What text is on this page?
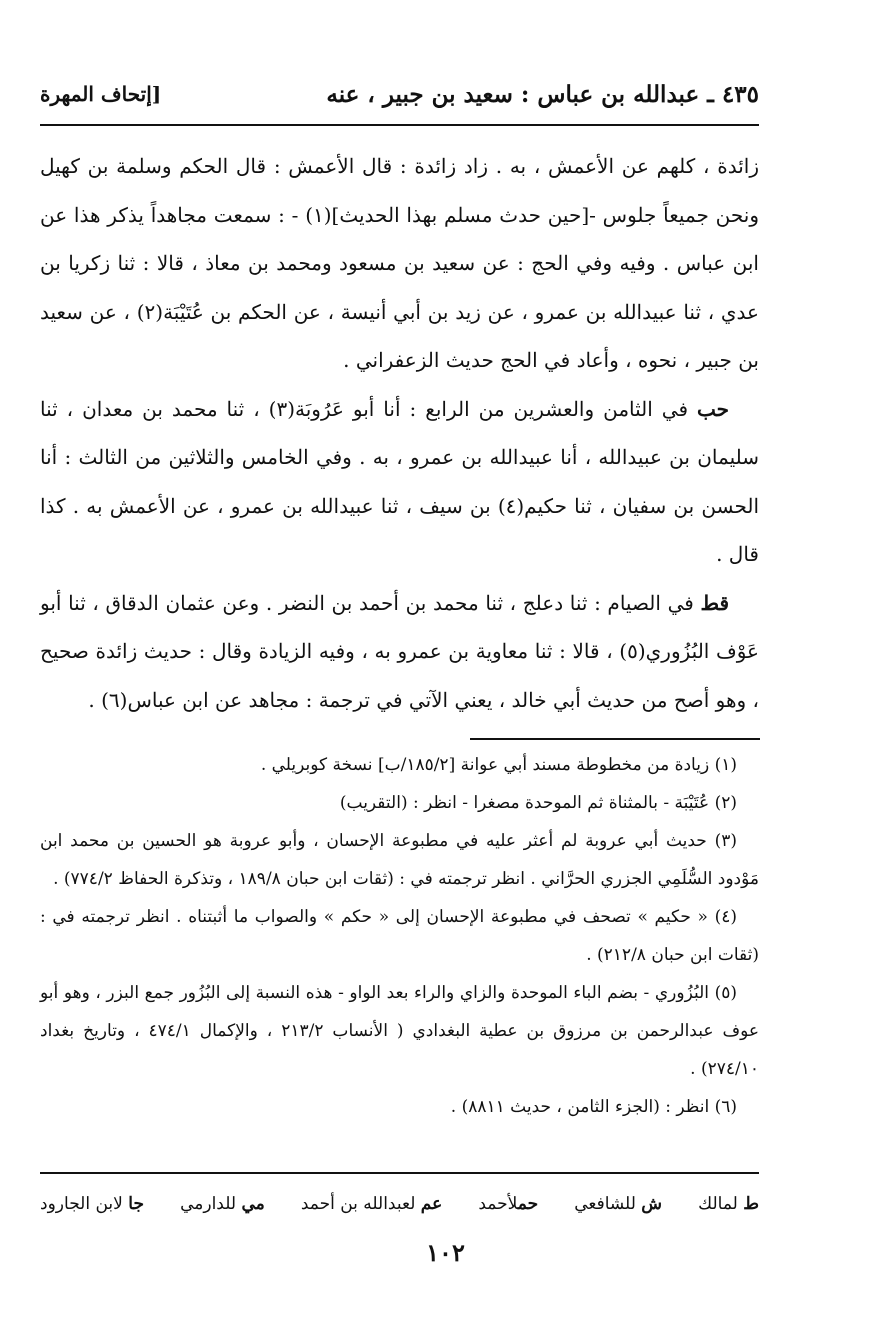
٤٣٥ ـ عبدالله بن عباس : سعيد بن جبير ، عنه
[إتحاف المهرة

زائدة ، كلهم عن الأعمش ، به . زاد زائدة : قال الأعمش : قال الحكم وسلمة بن كهيل ونحن جميعاً جلوس -[حين حدث مسلم بهذا الحديث](١) - : سمعت مجاهداً يذكر هذا عن ابن عباس . وفيه وفي الحج : عن سعيد بن مسعود ومحمد بن معاذ ، قالا : ثنا زكريا بن عدي ، ثنا عبيدالله بن عمرو ، عن زيد بن أبي أنيسة ، عن الحكم بن عُتَيْبَة(٢) ، عن سعيد بن جبير ، نحوه ، وأعاد في الحج حديث الزعفراني .

حب في الثامن والعشرين من الرابع : أنا أبو عَرُوبَة(٣) ، ثنا محمد بن معدان ، ثنا سليمان بن عبيدالله ، أنا عبيدالله بن عمرو ، به . وفي الخامس والثلاثين من الثالث : أنا الحسن بن سفيان ، ثنا حكيم(٤) بن سيف ، ثنا عبيدالله بن عمرو ، عن الأعمش به . كذا قال .

قط في الصيام : ثنا دعلج ، ثنا محمد بن أحمد بن النضر . وعن عثمان الدقاق ، ثنا أبو عَوْف البُزُوري(٥) ، قالا : ثنا معاوية بن عمرو به ، وفيه الزيادة وقال : حديث زائدة صحيح ، وهو أصح من حديث أبي خالد ، يعني الآتي في ترجمة : مجاهد عن ابن عباس(٦) .

(١) زيادة من مخطوطة مسند أبي عوانة [١٨٥/٢/ب] نسخة كوبريلي .

(٢) عُتَيْبَة - بالمثناة ثم الموحدة مصغرا - انظر : (التقريب)

(٣) حديث أبي عروبة لم أعثر عليه في مطبوعة الإحسان ، وأبو عروبة هو الحسين بن محمد ابن مَوْدود السُّلَمِي الجزري الحرَّاني . انظر ترجمته في : (ثقات ابن حبان ١٨٩/٨ ، وتذكرة الحفاظ ٧٧٤/٢) .

(٤) « حكيم » تصحف في مطبوعة الإحسان إلى « حكم » والصواب ما أثبتناه . انظر ترجمته في : (ثقات ابن حبان ٢١٢/٨) .

(٥) البُزُوري - بضم الباء الموحدة والزاي والراء بعد الواو - هذه النسبة إلى البُزُور جمع البزر ، وهو أبو عوف عبدالرحمن بن مرزوق بن عطية البغدادي ( الأنساب ٢١٣/٢ ، والإكمال ٤٧٤/١ ، وتاريخ بغداد ٢٧٤/١٠) .

(٦) انظر : (الجزء الثامن ، حديث ٨٨١١) .

ط لمالك
ش للشافعي
حملأحمد
عم لعبدالله بن أحمد
مي للدارمي
جا لابن الجارود
١٠٢
